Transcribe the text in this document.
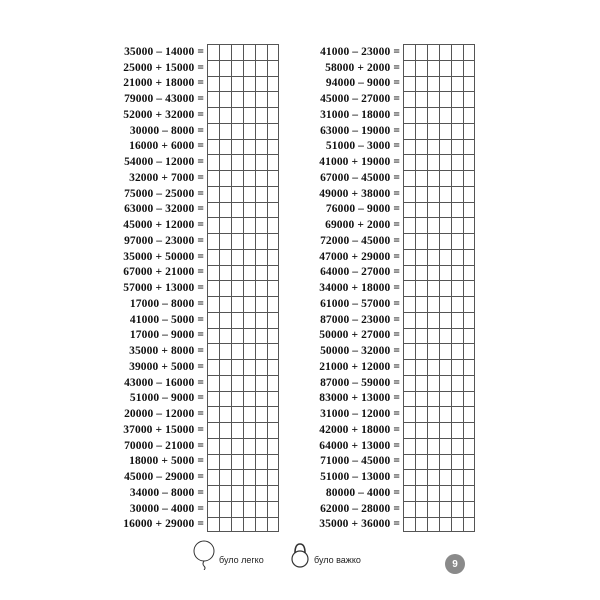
35000 – 14000 =
25000 + 15000 =
21000 + 18000 =
79000 – 43000 =
52000 + 32000 =
30000 – 8000 =
16000 + 6000 =
54000 – 12000 =
32000 + 7000 =
75000 – 25000 =
63000 – 32000 =
45000 + 12000 =
97000 – 23000 =
35000 + 50000 =
67000 + 21000 =
57000 + 13000 =
17000 – 8000 =
41000 – 5000 =
17000 – 9000 =
35000 + 8000 =
39000 + 5000 =
43000 – 16000 =
51000 – 9000 =
20000 – 12000 =
37000 + 15000 =
70000 – 21000 =
18000 + 5000 =
45000 – 29000 =
34000 – 8000 =
30000 – 4000 =
16000 + 29000 =
41000 – 23000 =
58000 + 2000 =
94000 – 9000 =
45000 – 27000 =
31000 – 18000 =
63000 – 19000 =
51000 – 3000 =
41000 + 19000 =
67000 – 45000 =
49000 + 38000 =
76000 – 9000 =
69000 + 2000 =
72000 – 45000 =
47000 + 29000 =
64000 – 27000 =
34000 + 18000 =
61000 – 57000 =
87000 – 23000 =
50000 + 27000 =
50000 – 32000 =
21000 + 12000 =
87000 – 59000 =
83000 + 13000 =
31000 – 12000 =
42000 + 18000 =
64000 + 13000 =
71000 – 45000 =
51000 – 13000 =
80000 – 4000 =
62000 – 28000 =
35000 + 36000 =
було легко	було важко	9
